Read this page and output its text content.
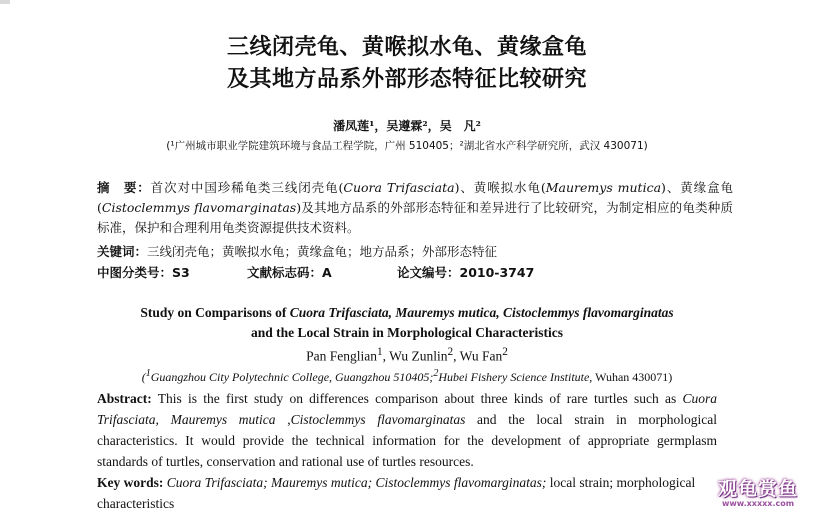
三线闭壳龟、黄喉拟水龟、黄缘盒龟
及其地方品系外部形态特征比较研究
潘凤莲¹，吴遵霖²，吴　凡²
(¹广州城市职业学院建筑环境与食品工程学院，广州 510405；²湖北省水产科学研究所，武汉 430071)
摘　要：首次对中国珍稀龟类三线闭壳龟(Cuora Trifasciata)、黄喉拟水龟(Mauremys mutica)、黄缘盒龟(Cistoclemmys flavomarginatas)及其地方品系的外部形态特征和差异进行了比较研究，为制定相应的龟类种质标准，保护和合理利用龟类资源提供技术资料。
关键词：三线闭壳龟；黄喉拟水龟；黄缘盒龟；地方品系；外部形态特征
中图分类号：S3	文献标志码：A	论文编号：2010-3747
Study on Comparisons of Cuora Trifasciata, Mauremys mutica, Cistoclemmys flavomarginatas
and the Local Strain in Morphological Characteristics
Pan Fenglian$^1$, Wu Zunlin$^2$, Wu Fan$^2$
($^1$Guangzhou City Polytechnic College, Guangzhou 510405;$^2$Hubei Fishery Science Institute, Wuhan 430071)
Abstract: This is the first study on differences comparison about three kinds of rare turtles such as Cuora Trifasciata, Mauremys mutica ,Cistoclemmys flavomarginatas and the local strain in morphological characteristics. It would provide the technical information for the development of appropriate germplasm standards of turtles, conservation and rational use of turtles resources.
Key words: Cuora Trifasciata; Mauremys mutica; Cistoclemmys flavomarginatas; local strain; morphological characteristics
观龟赏鱼
www.xxxxx.com
